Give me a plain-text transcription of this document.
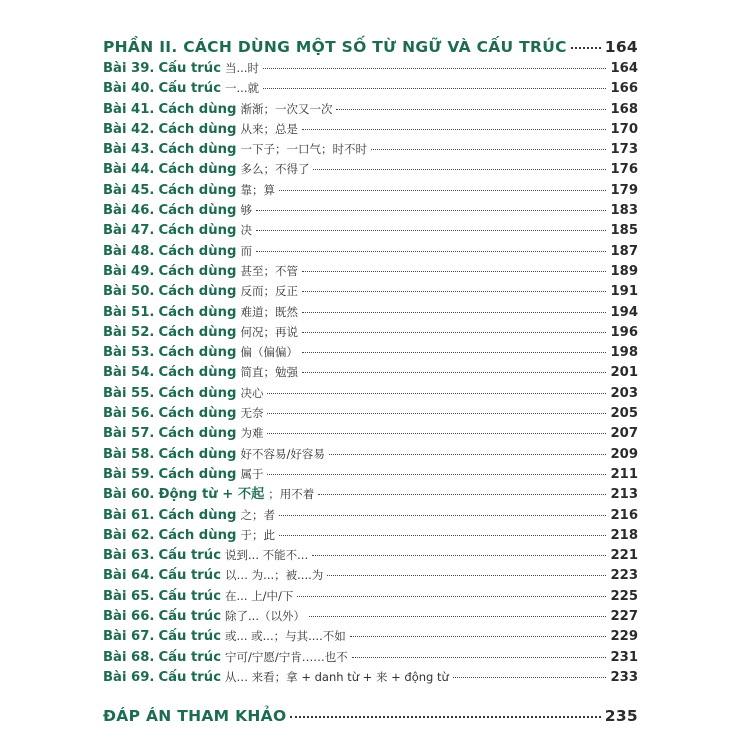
PHẦN II. CÁCH DÙNG MỘT SỐ TỪ NGỮ VÀ CẤU TRÚC 164
Bài 39. Cấu trúc 当...时	164
Bài 40. Cấu trúc 一...就	166
Bài 41. Cách dùng 渐渐；一次又一次	168
Bài 42. Cách dùng 从来；总是	170
Bài 43. Cách dùng 一下子；一口气；时不时	173
Bài 44. Cách dùng 多么；不得了	176
Bài 45. Cách dùng 靠；算	179
Bài 46. Cách dùng 够	183
Bài 47. Cách dùng 决	185
Bài 48. Cách dùng 而	187
Bài 49. Cách dùng 甚至；不管	189
Bài 50. Cách dùng 反而；反正	191
Bài 51. Cách dùng 难道；既然	194
Bài 52. Cách dùng 何况；再说	196
Bài 53. Cách dùng 偏（偏偏）	198
Bài 54. Cách dùng 简直；勉强	201
Bài 55. Cách dùng 决心	203
Bài 56. Cách dùng 无奈	205
Bài 57. Cách dùng 为难	207
Bài 58. Cách dùng 好不容易/好容易	209
Bài 59. Cách dùng 属于	211
Bài 60. Động từ + 不起 ；用不着	213
Bài 61. Cách dùng 之；者	216
Bài 62. Cách dùng 于；此	218
Bài 63. Cấu trúc 说到... 不能不...	221
Bài 64. Cấu trúc 以… 为...；被....为	223
Bài 65. Cấu trúc 在... 上/中/下	225
Bài 66. Cấu trúc 除了...（以外）	227
Bài 67. Cấu trúc 或... 或...；与其....不如	229
Bài 68. Cấu trúc 宁可/宁愿/宁肯……也不	231
Bài 69. Cấu trúc 从… 来看；拿 + danh từ + 来 + động từ	233
ĐÁP ÁN THAM KHẢO	235
